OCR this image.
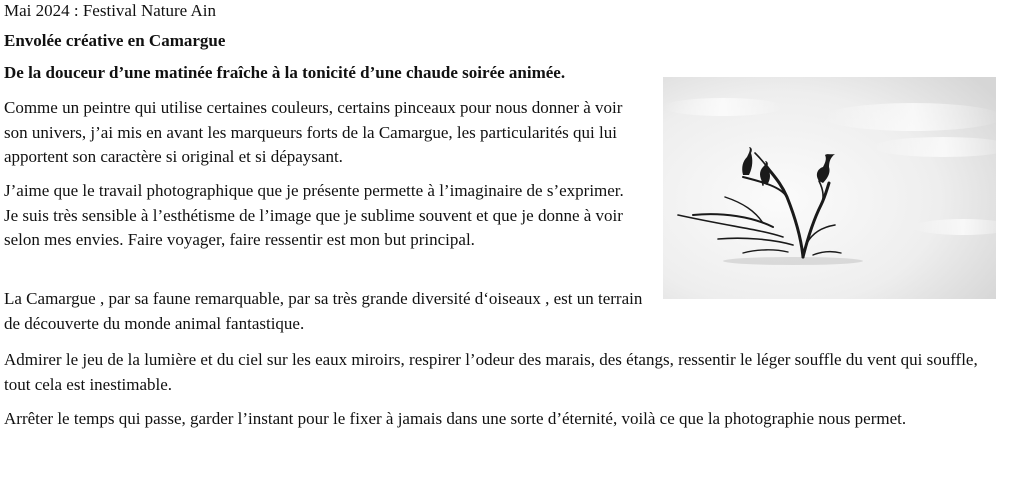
Mai 2024 : Festival Nature Ain

Envolée créative en Camargue

De la douceur d’une matinée fraîche à la tonicité d’une chaude soirée animée.

Comme un peintre qui utilise certaines couleurs, certains pinceaux pour nous donner à voir son univers, j’ai mis en avant les marqueurs forts de la Camargue, les particularités qui lui apportent son caractère si original et si dépaysant.

J’aime que le travail photographique que je présente permette à l’imaginaire de s’exprimer. Je suis très sensible à l’esthétisme de l’image que je sublime souvent et que je donne à voir selon mes envies. Faire voyager, faire ressentir est mon but principal.

La Camargue , par sa faune remarquable, par sa très grande diversité d‘oiseaux , est un terrain de découverte du monde animal fantastique.

Admirer le jeu de la lumière et du ciel sur les eaux miroirs, respirer l’odeur des marais, des étangs, ressentir le léger souffle du vent qui souffle, tout cela est inestimable.

Arrêter le temps qui passe, garder l’instant pour le fixer à jamais dans une sorte d’éternité, voilà ce que la photographie nous permet.
